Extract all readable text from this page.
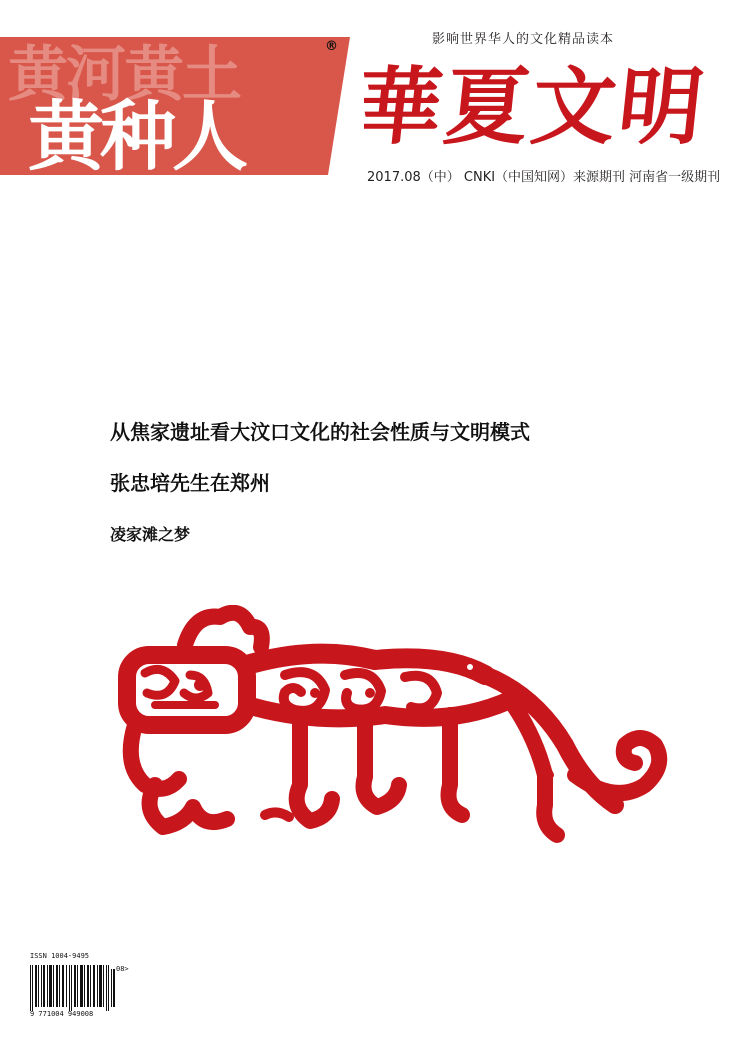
黄河黄土
黄种人
®	影响世界华人的文化精品读本
華夏文明
2017.08（中） CNKI（中国知网）来源期刊 河南省一级期刊
从焦家遗址看大汶口文化的社会性质与文明模式
张忠培先生在郑州
凌家滩之梦
ISSN 1004-9495
08>
9 771004 949008
